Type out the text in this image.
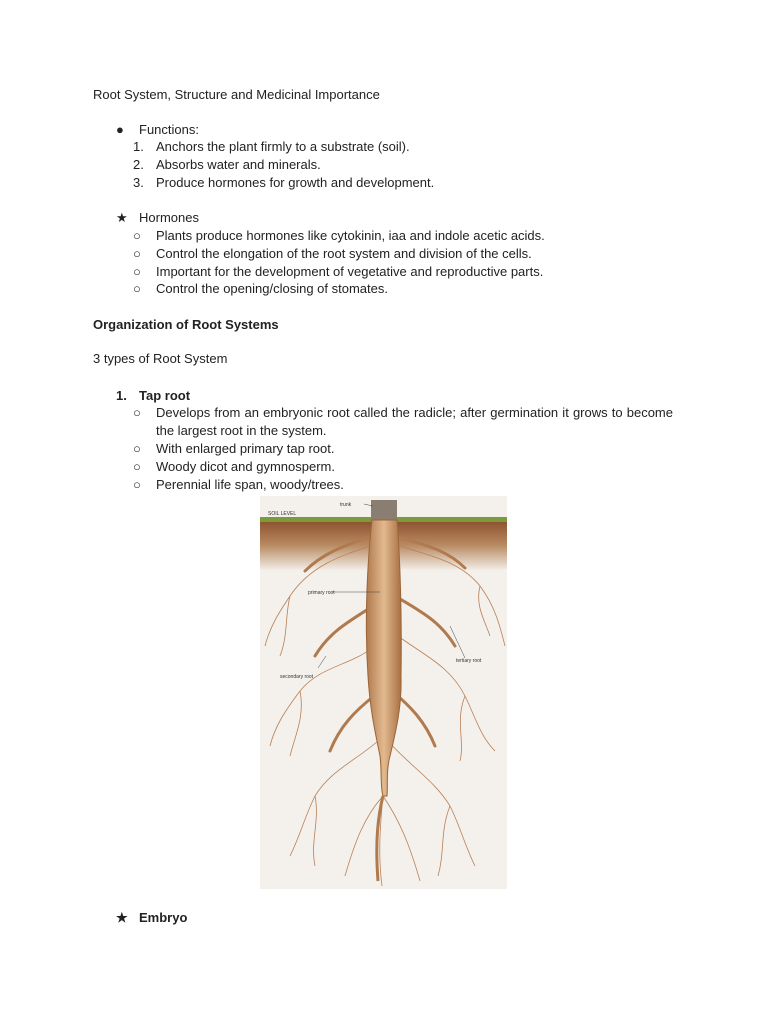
Root System, Structure and Medicinal Importance
● Functions:
1. Anchors the plant firmly to a substrate (soil).
2. Absorbs water and minerals.
3. Produce hormones for growth and development.
★ Hormones
○ Plants produce hormones like cytokinin, iaa and indole acetic acids.
○ Control the elongation of the root system and division of the cells.
○ Important for the development of vegetative and reproductive parts.
○ Control the opening/closing of stomates.
Organization of Root Systems
3 types of Root System
1. Tap root
○ Develops from an embryonic root called the radicle; after germination it grows to become the largest root in the system.
○ With enlarged primary tap root.
○ Woody dicot and gymnosperm.
○ Perennial life span, woody/trees.
trunk
SOIL LEVEL
primary root
tertiary root
secondary root
★ Embryo
